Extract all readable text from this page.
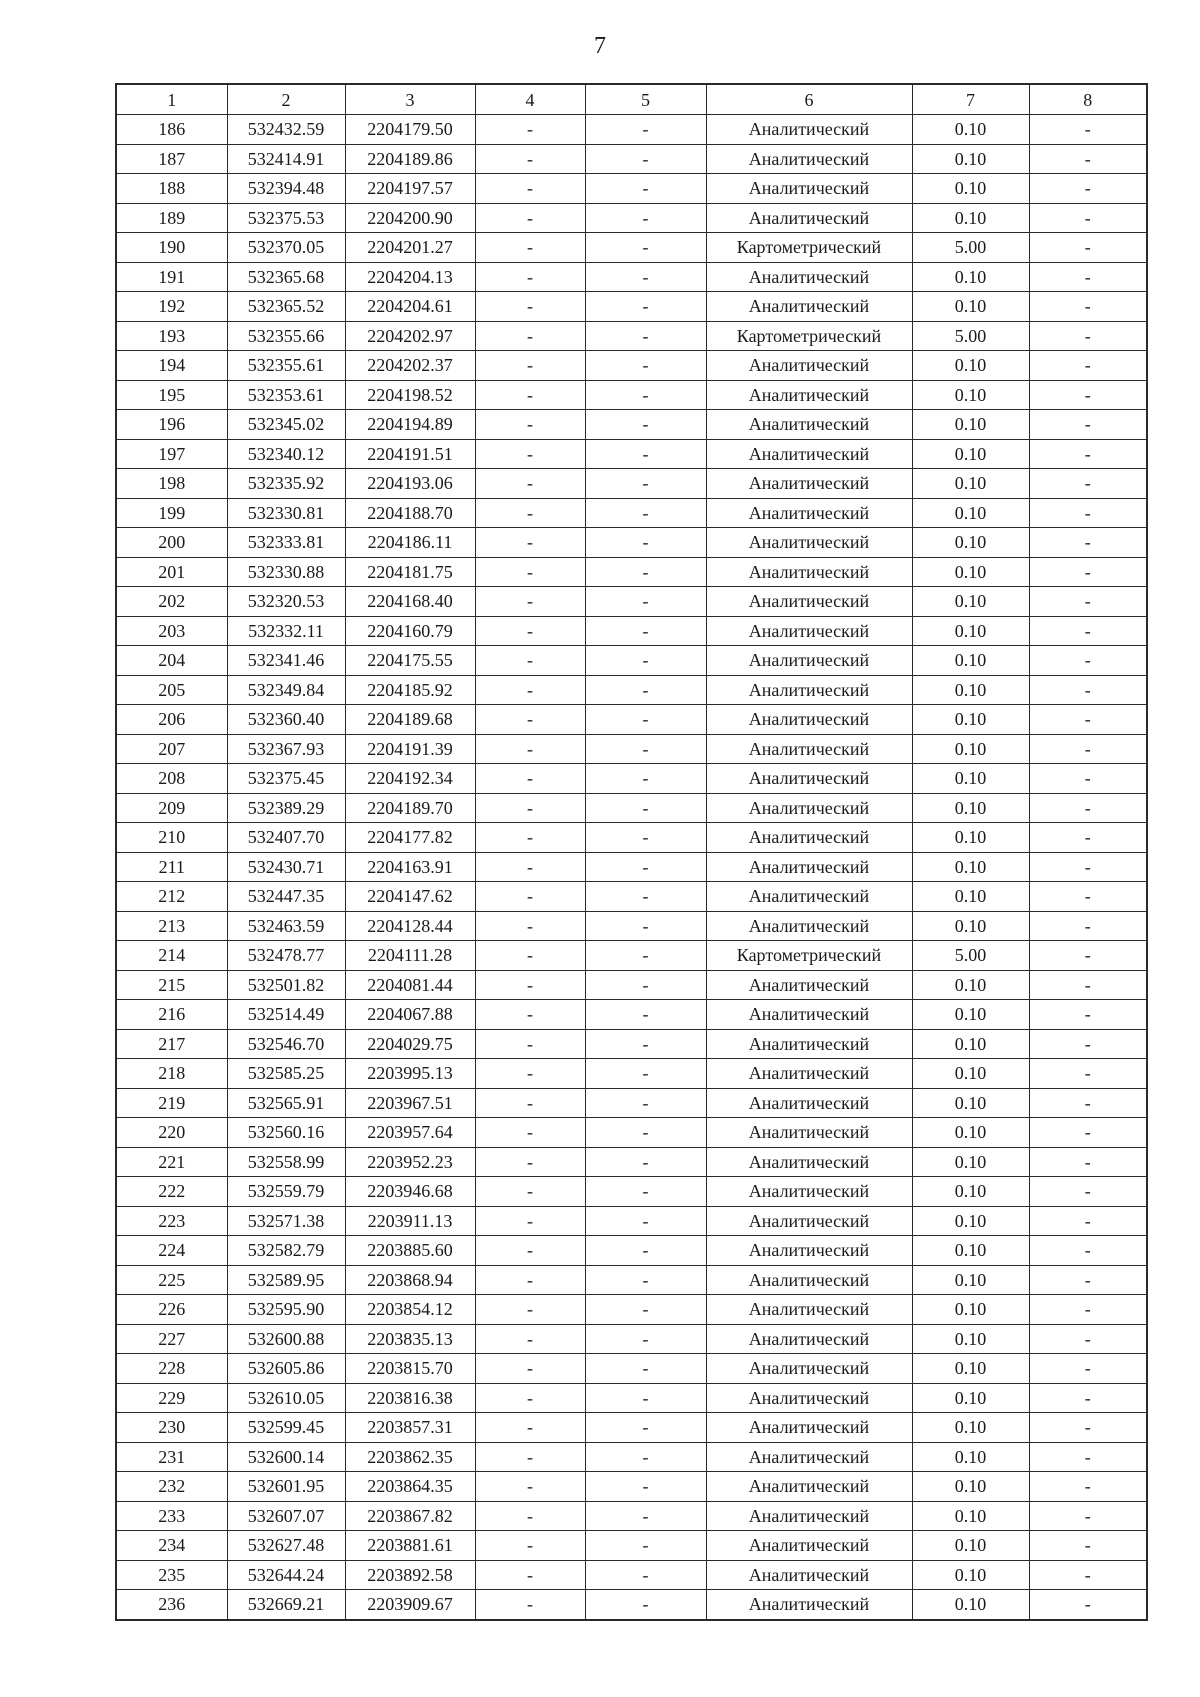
7
1	2	3	4	5	6	7	8
186	532432.59	2204179.50	-	-	Аналитический	0.10	-
187	532414.91	2204189.86	-	-	Аналитический	0.10	-
188	532394.48	2204197.57	-	-	Аналитический	0.10	-
189	532375.53	2204200.90	-	-	Аналитический	0.10	-
190	532370.05	2204201.27	-	-	Картометрический	5.00	-
191	532365.68	2204204.13	-	-	Аналитический	0.10	-
192	532365.52	2204204.61	-	-	Аналитический	0.10	-
193	532355.66	2204202.97	-	-	Картометрический	5.00	-
194	532355.61	2204202.37	-	-	Аналитический	0.10	-
195	532353.61	2204198.52	-	-	Аналитический	0.10	-
196	532345.02	2204194.89	-	-	Аналитический	0.10	-
197	532340.12	2204191.51	-	-	Аналитический	0.10	-
198	532335.92	2204193.06	-	-	Аналитический	0.10	-
199	532330.81	2204188.70	-	-	Аналитический	0.10	-
200	532333.81	2204186.11	-	-	Аналитический	0.10	-
201	532330.88	2204181.75	-	-	Аналитический	0.10	-
202	532320.53	2204168.40	-	-	Аналитический	0.10	-
203	532332.11	2204160.79	-	-	Аналитический	0.10	-
204	532341.46	2204175.55	-	-	Аналитический	0.10	-
205	532349.84	2204185.92	-	-	Аналитический	0.10	-
206	532360.40	2204189.68	-	-	Аналитический	0.10	-
207	532367.93	2204191.39	-	-	Аналитический	0.10	-
208	532375.45	2204192.34	-	-	Аналитический	0.10	-
209	532389.29	2204189.70	-	-	Аналитический	0.10	-
210	532407.70	2204177.82	-	-	Аналитический	0.10	-
211	532430.71	2204163.91	-	-	Аналитический	0.10	-
212	532447.35	2204147.62	-	-	Аналитический	0.10	-
213	532463.59	2204128.44	-	-	Аналитический	0.10	-
214	532478.77	2204111.28	-	-	Картометрический	5.00	-
215	532501.82	2204081.44	-	-	Аналитический	0.10	-
216	532514.49	2204067.88	-	-	Аналитический	0.10	-
217	532546.70	2204029.75	-	-	Аналитический	0.10	-
218	532585.25	2203995.13	-	-	Аналитический	0.10	-
219	532565.91	2203967.51	-	-	Аналитический	0.10	-
220	532560.16	2203957.64	-	-	Аналитический	0.10	-
221	532558.99	2203952.23	-	-	Аналитический	0.10	-
222	532559.79	2203946.68	-	-	Аналитический	0.10	-
223	532571.38	2203911.13	-	-	Аналитический	0.10	-
224	532582.79	2203885.60	-	-	Аналитический	0.10	-
225	532589.95	2203868.94	-	-	Аналитический	0.10	-
226	532595.90	2203854.12	-	-	Аналитический	0.10	-
227	532600.88	2203835.13	-	-	Аналитический	0.10	-
228	532605.86	2203815.70	-	-	Аналитический	0.10	-
229	532610.05	2203816.38	-	-	Аналитический	0.10	-
230	532599.45	2203857.31	-	-	Аналитический	0.10	-
231	532600.14	2203862.35	-	-	Аналитический	0.10	-
232	532601.95	2203864.35	-	-	Аналитический	0.10	-
233	532607.07	2203867.82	-	-	Аналитический	0.10	-
234	532627.48	2203881.61	-	-	Аналитический	0.10	-
235	532644.24	2203892.58	-	-	Аналитический	0.10	-
236	532669.21	2203909.67	-	-	Аналитический	0.10	-
